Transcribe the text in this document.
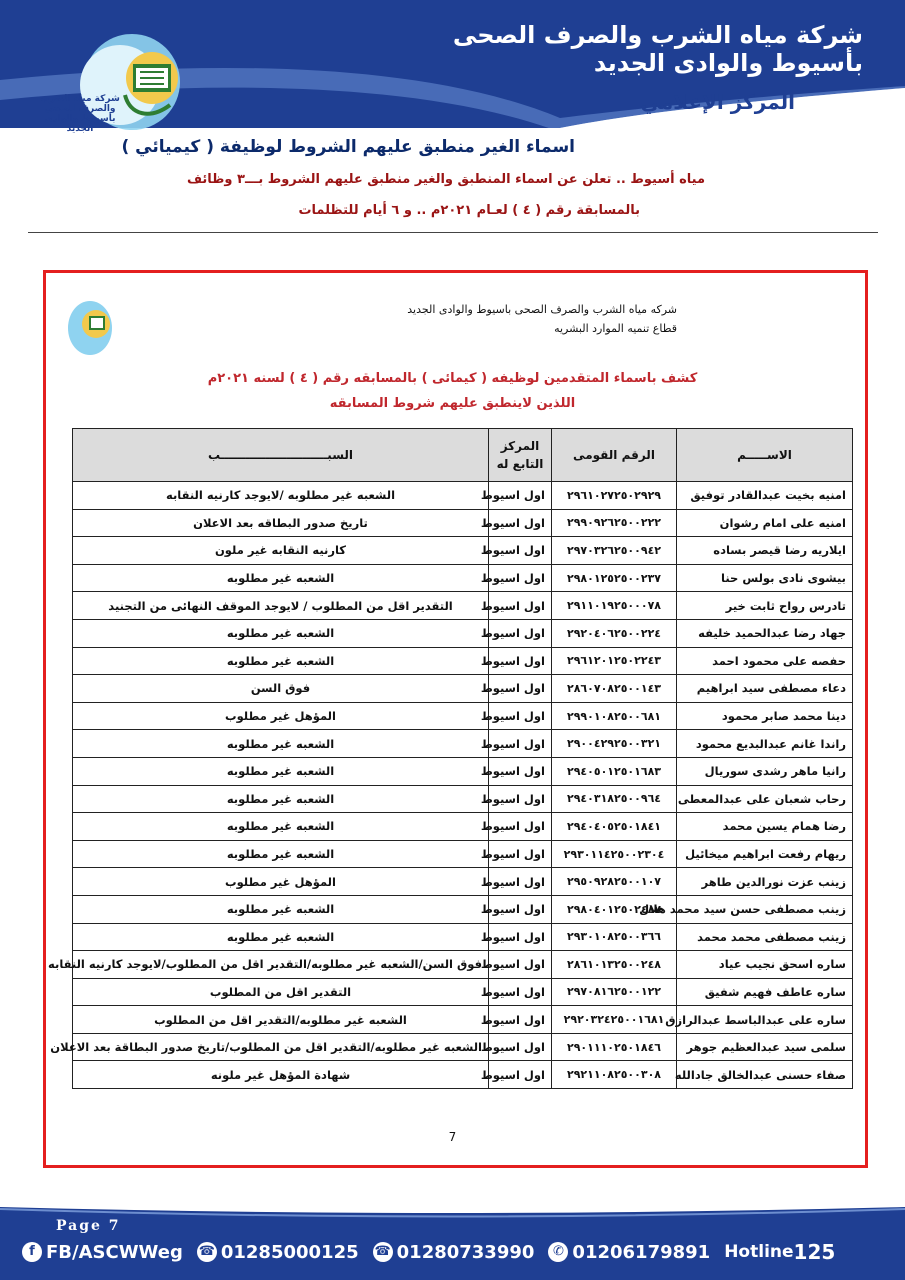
شركة مياه الشرب والصرف الصحى بأسيوط والوادى الجديد
شركة مياه الشرب والصرف الصحى
بأسيوط والوادى الجديد
المركز الإعلامي
اسماء الغير منطبق عليهم الشروط لوظيفة ( كيميائي )
مياه أسيوط .. تعلن عن اسماء المنطبق والغير منطبق عليهم الشروط بـــ٣ وظائف
بالمسابقة رقم ( ٤ ) لعـام ٢٠٢١م .. و ٦ أيام للتظلمات
شركه مياه الشرب والصرف الصحى باسيوط والوادى الجديد
قطاع تنميه الموارد البشريه
كشف باسماء المتقدمين لوظيفه ( كيمائى ) بالمسابقه رقم ( ٤ ) لسنه ٢٠٢١م
اللذين لاينطبق عليهم شروط المسابقه
الاســـــم	الرقم القومى	المركز التابع له	السبــــــــــــــــــــــــــب
امنيه بخيت عبدالقادر توفيق	٢٩٦١٠٢٧٢٥٠٢٩٢٩	اول اسيوط	الشعبه غير مطلوبه /لايوجد كارنيه النقابه
امنيه على امام رشوان	٢٩٩٠٩٢٦٢٥٠٠٢٢٢	اول اسيوط	تاريخ صدور البطاقه بعد الاعلان
ايلاريه رضا قيصر بساده	٢٩٧٠٣٢٦٢٥٠٠٩٤٢	اول اسيوط	كارنيه النقابه غير ملون
بيشوى نادى بولس حنا	٢٩٨٠١٢٥٢٥٠٠٢٣٧	اول اسيوط	الشعبه غير مطلوبه
تادرس رواح ثابت خير	٢٩١١٠١٩٢٥٠٠٠٧٨	اول اسيوط	التقدير اقل من المطلوب / لايوجد الموقف النهائى من التجنيد
جهاد رضا عبدالحميد خليفه	٢٩٢٠٤٠٦٢٥٠٠٢٢٤	اول اسيوط	الشعبه غير مطلوبه
حفصه على محمود احمد	٢٩٦١٢٠١٢٥٠٢٢٤٣	اول اسيوط	الشعبه غير مطلوبه
دعاء مصطفى سيد ابراهيم	٢٨٦٠٧٠٨٢٥٠٠١٤٣	اول اسيوط	فوق السن
دينا محمد صابر محمود	٢٩٩٠١٠٨٢٥٠٠٦٨١	اول اسيوط	المؤهل غير مطلوب
راندا غانم عبدالبديع محمود	٢٩٠٠٤٢٩٢٥٠٠٣٢١	اول اسيوط	الشعبه غير مطلوبه
رانيا ماهر رشدى سوريال	٢٩٤٠٥٠١٢٥٠١٦٨٣	اول اسيوط	الشعبه غير مطلوبه
رحاب شعبان على عبدالمعطى	٢٩٤٠٣١٨٢٥٠٠٩٦٤	اول اسيوط	الشعبه غير مطلوبه
رضا همام يسين محمد	٢٩٤٠٤٠٥٢٥٠١٨٤١	اول اسيوط	الشعبه غير مطلوبه
ريهام رفعت ابراهيم ميخائيل	٢٩٣٠١١٤٢٥٠٠٢٣٠٤	اول اسيوط	الشعبه غير مطلوبه
زينب عزت نورالدين طاهر	٢٩٥٠٩٢٨٢٥٠٠١٠٧	اول اسيوط	المؤهل غير مطلوب
زينب مصطفى حسن سيد محمد هلال	٢٩٨٠٤٠١٢٥٠٢٤٨٧	اول اسيوط	الشعبه غير مطلوبه
زينب مصطفى محمد محمد	٢٩٣٠١٠٨٢٥٠٠٣٦٦	اول اسيوط	الشعبه غير مطلوبه
ساره اسحق نجيب عياد	٢٨٦١٠١٣٢٥٠٠٢٤٨	اول اسيوط	فوق السن/الشعبه غير مطلوبه/التقدير اقل من المطلوب/لايوجد كارنيه النقابه
ساره عاطف فهيم شفيق	٢٩٧٠٨١٦٢٥٠٠١٢٢	اول اسيوط	التقدير اقل من المطلوب
ساره على عبدالباسط عبدالرازق	٢٩٢٠٣٢٤٢٥٠٠١٦٨١	اول اسيوط	الشعبه غير مطلوبه/التقدير اقل من المطلوب
سلمى سيد عبدالعظيم جوهر	٢٩٠١١١٠٢٥٠١٨٤٦	اول اسيوط	الشعبه غير مطلوبه/التقدير اقل من المطلوب/تاريخ صدور البطاقة بعد الاعلان
صفاء حسنى عبدالخالق جادالله	٢٩٢١١٠٨٢٥٠٠٣٠٨	اول اسيوط	شهادة المؤهل غير ملونه
7
Page 7
f FB/ASCWWeg ☎ 01285000125 ☎ 01280733990	✆ 01206179891 Hotline 125
